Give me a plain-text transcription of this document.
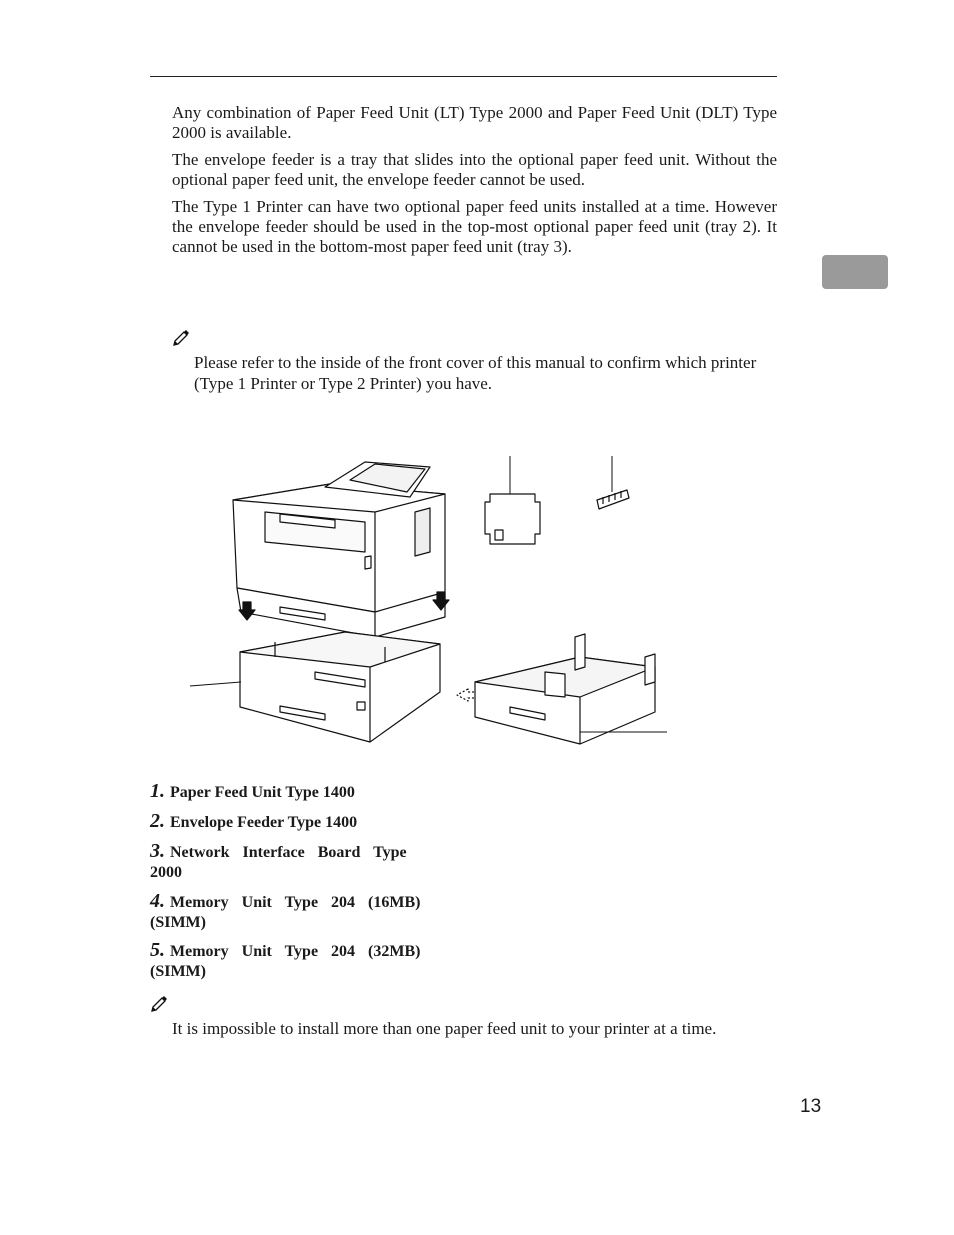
Any combination of Paper Feed Unit (LT) Type 2000 and Paper Feed Unit (DLT) Type 2000 is available.

The envelope feeder is a tray that slides into the optional paper feed unit. Without the optional paper feed unit, the envelope feeder cannot be used.

The Type 1 Printer can have two optional paper feed units installed at a time. However the envelope feeder should be used in the top-most optional paper feed unit (tray 2). It cannot be used in the bottom-most paper feed unit (tray 3).

Please refer to the inside of the front cover of this manual to confirm which printer (Type 1 Printer or Type 2 Printer) you have.

1. Paper Feed Unit Type 1400

2. Envelope Feeder Type 1400

3. Network Interface Board Type 2000

4. Memory Unit Type 204 (16MB) (SIMM)

5. Memory Unit Type 204 (32MB) (SIMM)

It is impossible to install more than one paper feed unit to your printer at a time.

13
